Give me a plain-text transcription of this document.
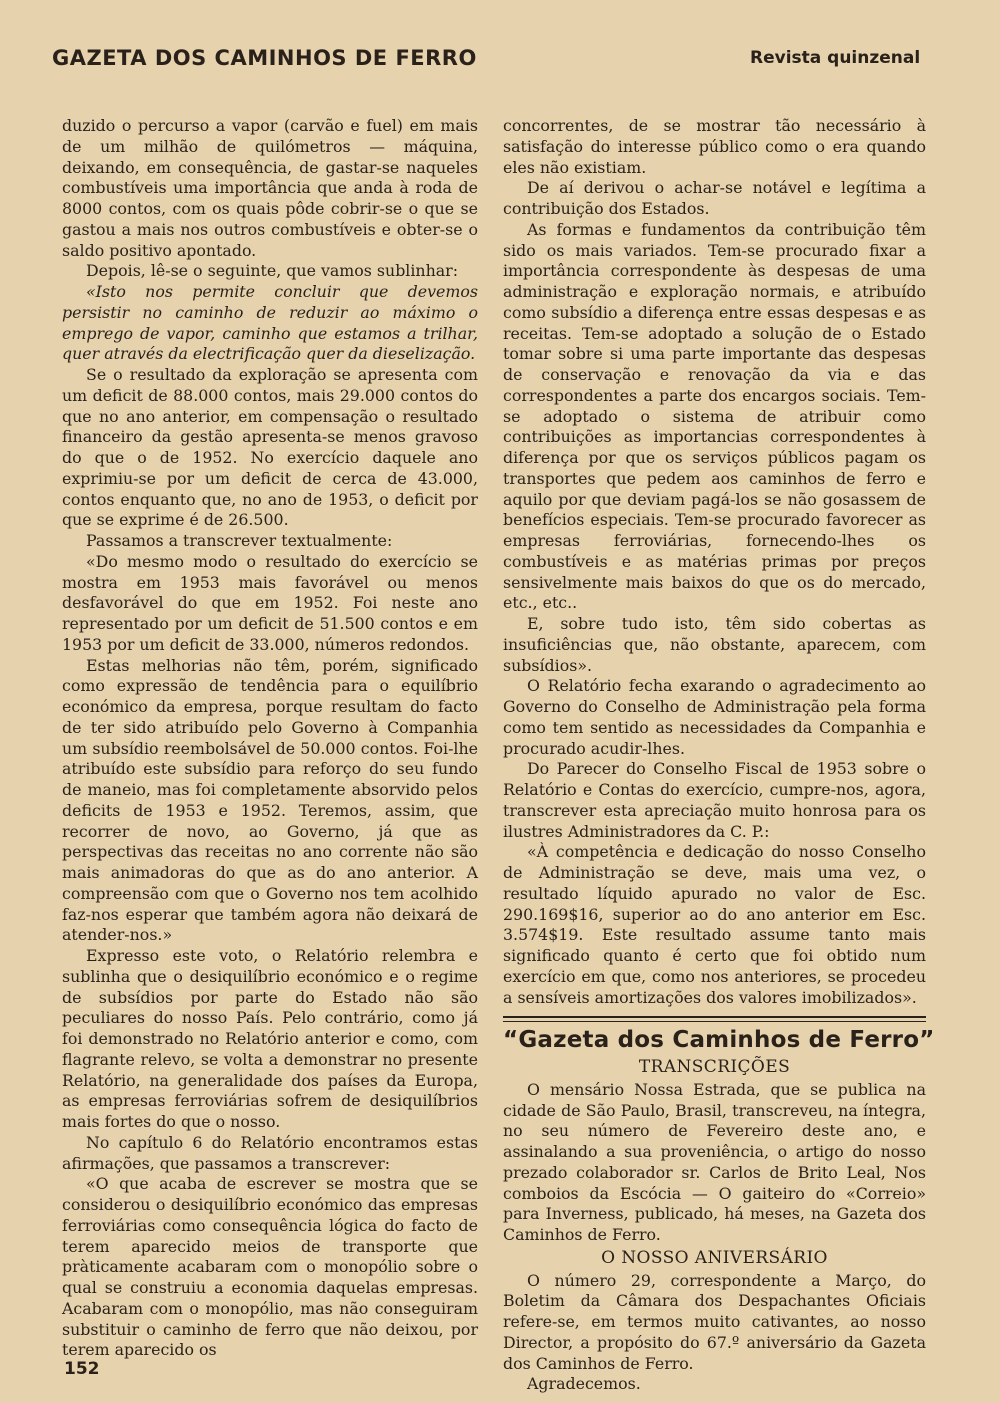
GAZETA DOS CAMINHOS DE FERRO	Revista quinzenal

duzido o percurso a vapor (carvão e fuel) em mais de um milhão de quilómetros — máquina, deixando, em consequência, de gastar-se naqueles combustíveis uma importância que anda à roda de 8000 contos, com os quais pôde cobrir-se o que se gastou a mais nos outros combustíveis e obter-se o saldo positivo apontado.

Depois, lê-se o seguinte, que vamos sublinhar:

«Isto nos permite concluir que devemos persistir no caminho de reduzir ao máximo o emprego de vapor, caminho que estamos a trilhar, quer através da electrificação quer da dieselização.

Se o resultado da exploração se apresenta com um deficit de 88.000 contos, mais 29.000 contos do que no ano anterior, em compensação o resultado financeiro da gestão apresenta-se menos gravoso do que o de 1952. No exercício daquele ano exprimiu-se por um deficit de cerca de 43.000, contos enquanto que, no ano de 1953, o deficit por que se exprime é de 26.500.

Passamos a transcrever textualmente:

«Do mesmo modo o resultado do exercício se mostra em 1953 mais favorável ou menos desfavorável do que em 1952. Foi neste ano representado por um deficit de 51.500 contos e em 1953 por um deficit de 33.000, números redondos.

Estas melhorias não têm, porém, significado como expressão de tendência para o equilíbrio económico da empresa, porque resultam do facto de ter sido atribuído pelo Governo à Companhia um subsídio reembolsável de 50.000 contos. Foi-lhe atribuído este subsídio para reforço do seu fundo de maneio, mas foi completamente absorvido pelos deficits de 1953 e 1952. Teremos, assim, que recorrer de novo, ao Governo, já que as perspectivas das receitas no ano corrente não são mais animadoras do que as do ano anterior. A compreensão com que o Governo nos tem acolhido faz-nos esperar que também agora não deixará de atender-nos.»

Expresso este voto, o Relatório relembra e sublinha que o desiquilíbrio económico e o regime de subsídios por parte do Estado não são peculiares do nosso País. Pelo contrário, como já foi demonstrado no Relatório anterior e como, com flagrante relevo, se volta a demonstrar no presente Relatório, na generalidade dos países da Europa, as empresas ferroviárias sofrem de desiquilíbrios mais fortes do que o nosso.

No capítulo 6 do Relatório encontramos estas afirmações, que passamos a transcrever:

«O que acaba de escrever se mostra que se considerou o desiquilíbrio económico das empresas ferroviárias como consequência lógica do facto de terem aparecido meios de transporte que pràticamente acabaram com o monopólio sobre o qual se construiu a economia daquelas empresas. Acabaram com o monopólio, mas não conseguiram substituir o caminho de ferro que não deixou, por terem aparecido os

concorrentes, de se mostrar tão necessário à satisfação do interesse público como o era quando eles não existiam.

De aí derivou o achar-se notável e legítima a contribuição dos Estados.

As formas e fundamentos da contribuição têm sido os mais variados. Tem-se procurado fixar a importância correspondente às despesas de uma administração e exploração normais, e atribuído como subsídio a diferença entre essas despesas e as receitas. Tem-se adoptado a solução de o Estado tomar sobre si uma parte importante das despesas de conservação e renovação da via e das correspondentes a parte dos encargos sociais. Tem-se adoptado o sistema de atribuir como contribuições as importancias correspondentes à diferença por que os serviços públicos pagam os transportes que pedem aos caminhos de ferro e aquilo por que deviam pagá-los se não gosassem de benefícios especiais. Tem-se procurado favorecer as empresas ferroviárias, fornecendo-lhes os combustíveis e as matérias primas por preços sensivelmente mais baixos do que os do mercado, etc., etc..

E, sobre tudo isto, têm sido cobertas as insuficiências que, não obstante, aparecem, com subsídios».

O Relatório fecha exarando o agradecimento ao Governo do Conselho de Administração pela forma como tem sentido as necessidades da Companhia e procurado acudir-lhes.

Do Parecer do Conselho Fiscal de 1953 sobre o Relatório e Contas do exercício, cumpre-nos, agora, transcrever esta apreciação muito honrosa para os ilustres Administradores da C. P.:

«À competência e dedicação do nosso Conselho de Administração se deve, mais uma vez, o resultado líquido apurado no valor de Esc. 290.169$16, superior ao do ano anterior em Esc. 3.574$19. Este resultado assume tanto mais significado quanto é certo que foi obtido num exercício em que, como nos anteriores, se procedeu a sensíveis amortizações dos valores imobilizados».

“Gazeta dos Caminhos de Ferro”
TRANSCRIÇÕES

O mensário Nossa Estrada, que se publica na cidade de São Paulo, Brasil, transcreveu, na íntegra, no seu número de Fevereiro deste ano, e assinalando a sua proveniência, o artigo do nosso prezado colaborador sr. Carlos de Brito Leal, Nos comboios da Escócia — O gaiteiro do «Correio» para Inverness, publicado, há meses, na Gazeta dos Caminhos de Ferro.

O NOSSO ANIVERSÁRIO

O número 29, correspondente a Março, do Boletim da Câmara dos Despachantes Oficiais refere-se, em termos muito cativantes, ao nosso Director, a propósito do 67.º aniversário da Gazeta dos Caminhos de Ferro.

Agradecemos.

152
